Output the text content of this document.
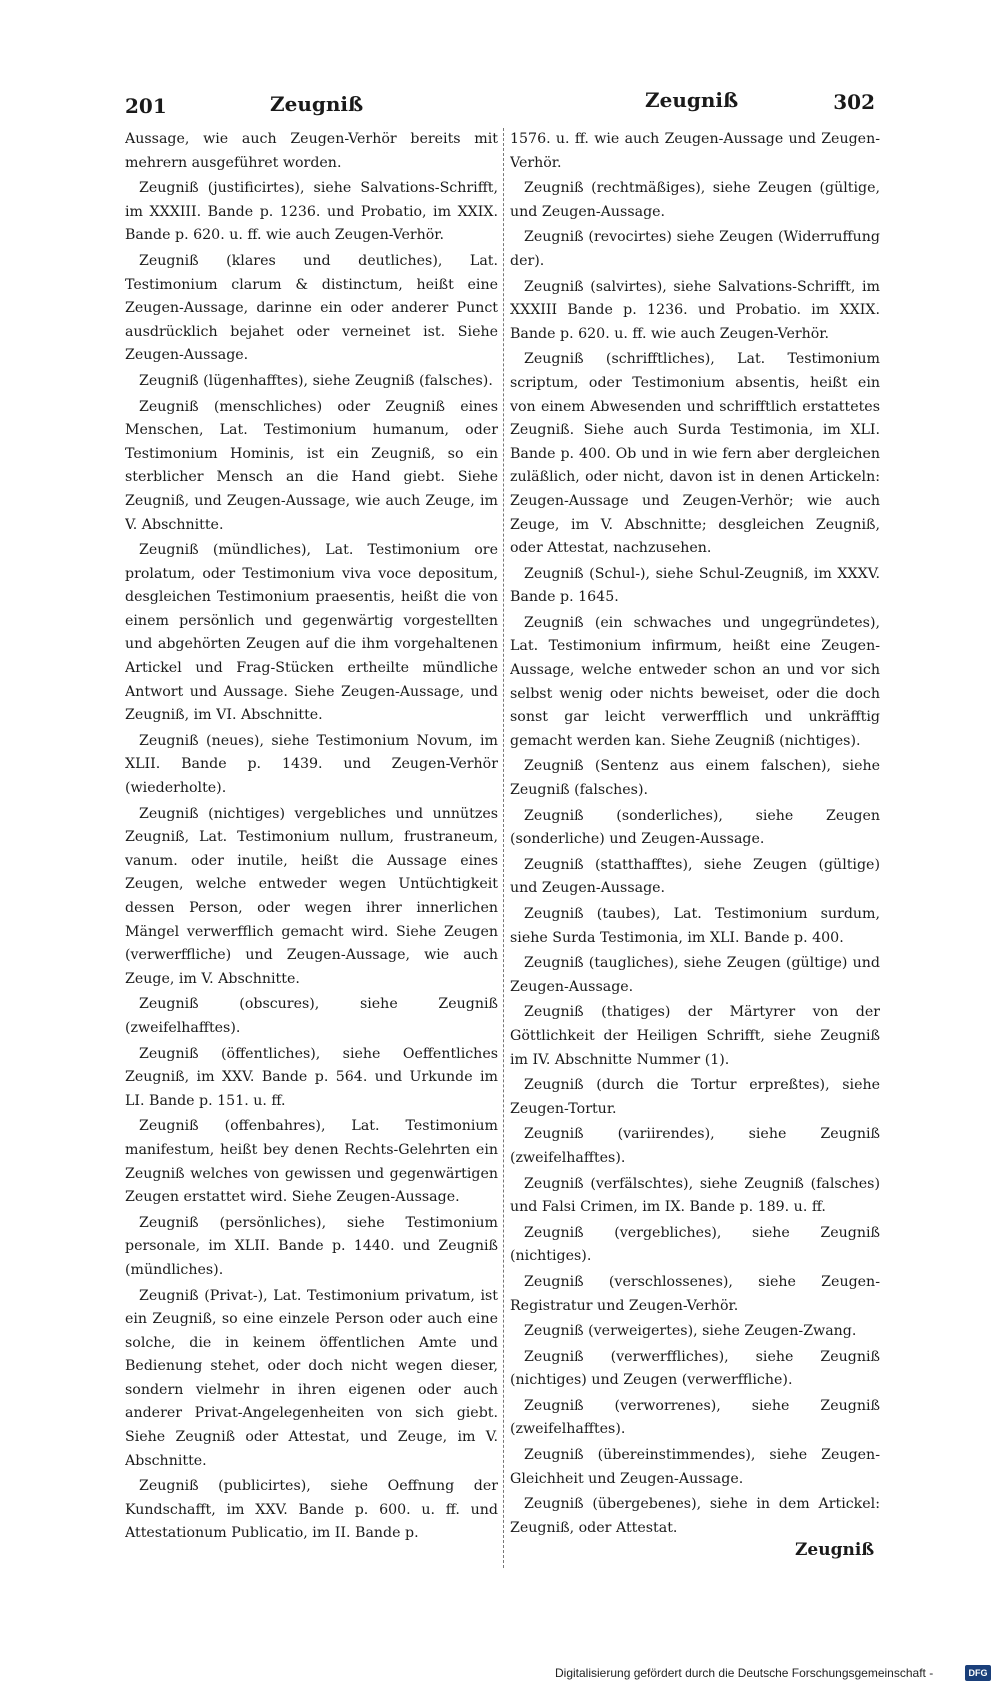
201	Zeugniß	Zeugniß	302

Aussage, wie auch Zeugen-Verhör bereits mit mehrern ausgeführet worden.

Zeugniß (justificirtes), siehe Salvations-Schrifft, im XXXIII. Bande p. 1236. und Probatio, im XXIX. Bande p. 620. u. ff. wie auch Zeugen-Verhör.

Zeugniß (klares und deutliches), Lat. Testimonium clarum & distinctum, heißt eine Zeugen-Aussage, darinne ein oder anderer Punct ausdrücklich bejahet oder verneinet ist. Siehe Zeugen-Aussage.

Zeugniß (lügenhafftes), siehe Zeugniß (falsches).

Zeugniß (menschliches) oder Zeugniß eines Menschen, Lat. Testimonium humanum, oder Testimonium Hominis, ist ein Zeugniß, so ein sterblicher Mensch an die Hand giebt. Siehe Zeugniß, und Zeugen-Aussage, wie auch Zeuge, im V. Abschnitte.

Zeugniß (mündliches), Lat. Testimonium ore prolatum, oder Testimonium viva voce depositum, desgleichen Testimonium praesentis, heißt die von einem persönlich und gegenwärtig vorgestellten und abgehörten Zeugen auf die ihm vorgehaltenen Artickel und Frag-Stücken ertheilte mündliche Antwort und Aussage. Siehe Zeugen-Aussage, und Zeugniß, im VI. Abschnitte.

Zeugniß (neues), siehe Testimonium Novum, im XLII. Bande p. 1439. und Zeugen-Verhör (wiederholte).

Zeugniß (nichtiges) vergebliches und unnützes Zeugniß, Lat. Testimonium nullum, frustraneum, vanum. oder inutile, heißt die Aussage eines Zeugen, welche entweder wegen Untüchtigkeit dessen Person, oder wegen ihrer innerlichen Mängel verwerfflich gemacht wird. Siehe Zeugen (verwerffliche) und Zeugen-Aussage, wie auch Zeuge, im V. Abschnitte.

Zeugniß (obscures), siehe Zeugniß (zweifelhafftes).

Zeugniß (öffentliches), siehe Oeffentliches Zeugniß, im XXV. Bande p. 564. und Urkunde im LI. Bande p. 151. u. ff.

Zeugniß (offenbahres), Lat. Testimonium manifestum, heißt bey denen Rechts-Gelehrten ein Zeugniß welches von gewissen und gegenwärtigen Zeugen erstattet wird. Siehe Zeugen-Aussage.

Zeugniß (persönliches), siehe Testimonium personale, im XLII. Bande p. 1440. und Zeugniß (mündliches).

Zeugniß (Privat-), Lat. Testimonium privatum, ist ein Zeugniß, so eine einzele Person oder auch eine solche, die in keinem öffentlichen Amte und Bedienung stehet, oder doch nicht wegen dieser, sondern vielmehr in ihren eigenen oder auch anderer Privat-Angelegenheiten von sich giebt. Siehe Zeugniß oder Attestat, und Zeuge, im V. Abschnitte.

Zeugniß (publicirtes), siehe Oeffnung der Kundschafft, im XXV. Bande p. 600. u. ff. und Attestationum Publicatio, im II. Bande p.

1576. u. ff. wie auch Zeugen-Aussage und Zeugen-Verhör.

Zeugniß (rechtmäßiges), siehe Zeugen (gültige, und Zeugen-Aussage.

Zeugniß (revocirtes) siehe Zeugen (Widerruffung der).

Zeugniß (salvirtes), siehe Salvations-Schrifft, im XXXIII Bande p. 1236. und Probatio. im XXIX. Bande p. 620. u. ff. wie auch Zeugen-Verhör.

Zeugniß (schrifftliches), Lat. Testimonium scriptum, oder Testimonium absentis, heißt ein von einem Abwesenden und schrifftlich erstattetes Zeugniß. Siehe auch Surda Testimonia, im XLI. Bande p. 400. Ob und in wie fern aber dergleichen zuläßlich, oder nicht, davon ist in denen Artickeln: Zeugen-Aussage und Zeugen-Verhör; wie auch Zeuge, im V. Abschnitte; desgleichen Zeugniß, oder Attestat, nachzusehen.

Zeugniß (Schul-), siehe Schul-Zeugniß, im XXXV. Bande p. 1645.

Zeugniß (ein schwaches und ungegründetes), Lat. Testimonium infirmum, heißt eine Zeugen-Aussage, welche entweder schon an und vor sich selbst wenig oder nichts beweiset, oder die doch sonst gar leicht verwerfflich und unkräfftig gemacht werden kan. Siehe Zeugniß (nichtiges).

Zeugniß (Sentenz aus einem falschen), siehe Zeugniß (falsches).

Zeugniß (sonderliches), siehe Zeugen (sonderliche) und Zeugen-Aussage.

Zeugniß (statthafftes), siehe Zeugen (gültige) und Zeugen-Aussage.

Zeugniß (taubes), Lat. Testimonium surdum, siehe Surda Testimonia, im XLI. Bande p. 400.

Zeugniß (taugliches), siehe Zeugen (gültige) und Zeugen-Aussage.

Zeugniß (thatiges) der Märtyrer von der Göttlichkeit der Heiligen Schrifft, siehe Zeugniß im IV. Abschnitte Nummer (1).

Zeugniß (durch die Tortur erpreßtes), siehe Zeugen-Tortur.

Zeugniß (variirendes), siehe Zeugniß (zweifelhafftes).

Zeugniß (verfälschtes), siehe Zeugniß (falsches) und Falsi Crimen, im IX. Bande p. 189. u. ff.

Zeugniß (vergebliches), siehe Zeugniß (nichtiges).

Zeugniß (verschlossenes), siehe Zeugen-Registratur und Zeugen-Verhör.

Zeugniß (verweigertes), siehe Zeugen-Zwang.

Zeugniß (verwerffliches), siehe Zeugniß (nichtiges) und Zeugen (verwerffliche).

Zeugniß (verworrenes), siehe Zeugniß (zweifelhafftes).

Zeugniß (übereinstimmendes), siehe Zeugen-Gleichheit und Zeugen-Aussage.

Zeugniß (übergebenes), siehe in dem Artickel: Zeugniß, oder Attestat.

Zeugniß
Digitalisierung gefördert durch die Deutsche Forschungsgemeinschaft -	DFG
